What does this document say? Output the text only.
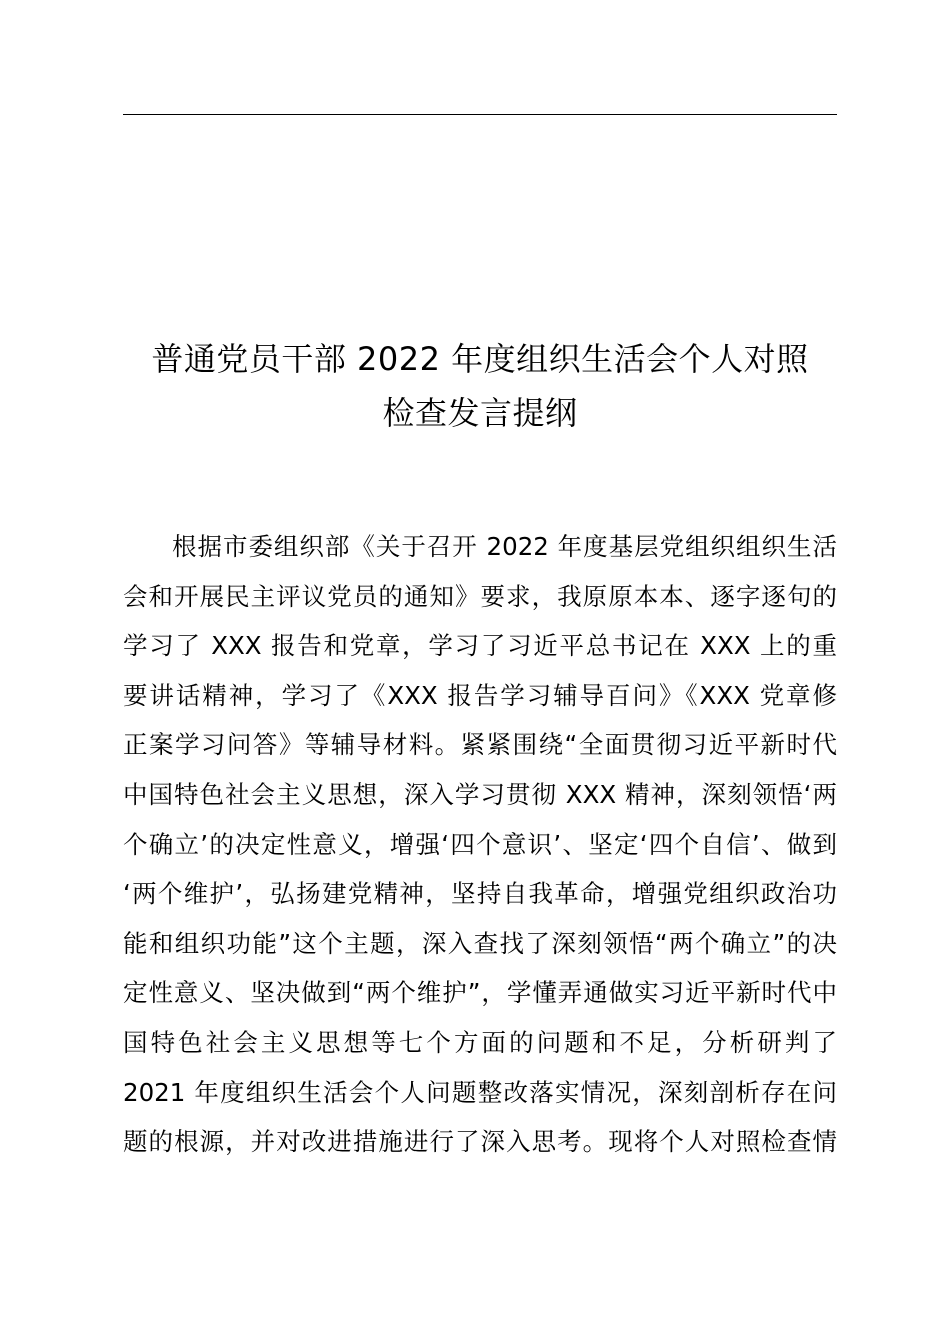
普通党员干部 2022 年度组织生活会个人对照
检查发言提纲
根据市委组织部《关于召开 2022 年度基层党组织组织生活
会和开展民主评议党员的通知》要求，我原原本本、逐字逐句的
学习了 XXX 报告和党章，学习了习近平总书记在 XXX 上的重
要讲话精神，学习了《XXX 报告学习辅导百问》《XXX 党章修
正案学习问答》等辅导材料。紧紧围绕“全面贯彻习近平新时代
中国特色社会主义思想，深入学习贯彻 XXX 精神，深刻领悟‘两
个确立’的决定性意义，增强‘四个意识’、坚定‘四个自信’、做到
‘两个维护’，弘扬建党精神，坚持自我革命，增强党组织政治功
能和组织功能”这个主题，深入查找了深刻领悟“两个确立”的决
定性意义、坚决做到“两个维护”，学懂弄通做实习近平新时代中
国特色社会主义思想等七个方面的问题和不足，分析研判了
2021 年度组织生活会个人问题整改落实情况，深刻剖析存在问
题的根源，并对改进措施进行了深入思考。现将个人对照检查情
